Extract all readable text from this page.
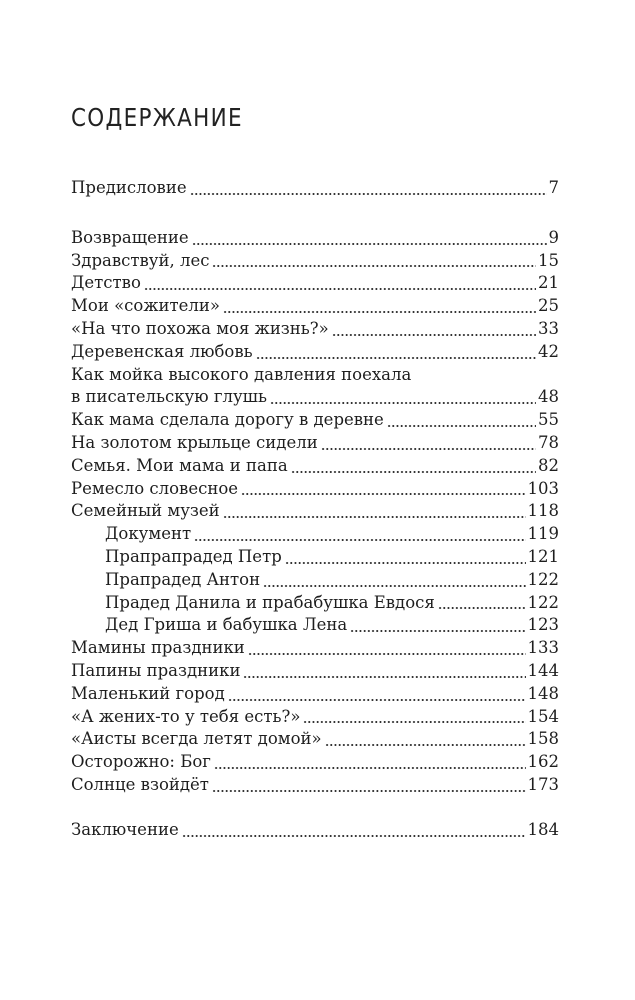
СОДЕРЖАНИЕ
Предисловие	7
Возвращение	9
Здравствуй, лес	15
Детство	21
Мои «сожители»	25
«На что похожа моя жизнь?»	33
Деревенская любовь	42
Как мойка высокого давления поехала
в писательскую глушь	48
Как мама сделала дорогу в деревне	55
На золотом крыльце сидели	78
Семья. Мои мама и папа	82
Ремесло словесное	103
Семейный музей	118
Документ	119
Прапрапрадед Петр	121
Прапрадед Антон	122
Прадед Данила и прабабушка Евдося	122
Дед Гриша и бабушка Лена	123
Мамины праздники	133
Папины праздники	144
Маленький город	148
«А жених-то у тебя есть?»	154
«Аисты всегда летят домой»	158
Осторожно: Бог	162
Солнце взойдёт	173
Заключение	184
